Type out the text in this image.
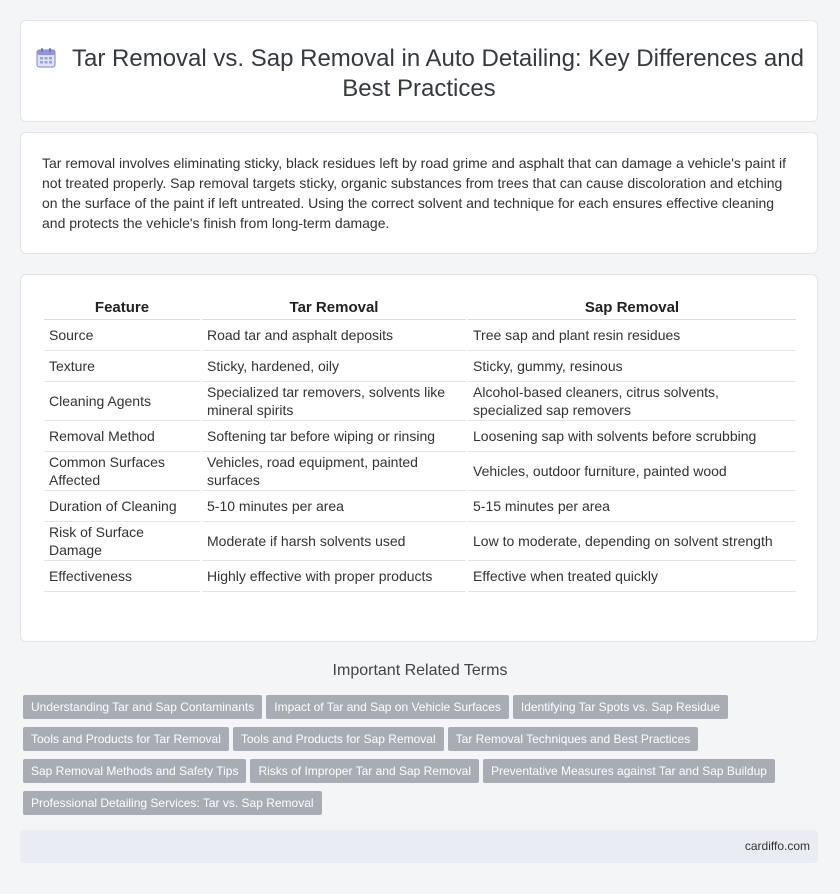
Tar Removal vs. Sap Removal in Auto Detailing: Key Differences and Best Practices
Tar removal involves eliminating sticky, black residues left by road grime and asphalt that can damage a vehicle's paint if not treated properly. Sap removal targets sticky, organic substances from trees that can cause discoloration and etching on the surface of the paint if left untreated. Using the correct solvent and technique for each ensures effective cleaning and protects the vehicle's finish from long-term damage.
Feature	Tar Removal	Sap Removal
Source	Road tar and asphalt deposits	Tree sap and plant resin residues
Texture	Sticky, hardened, oily	Sticky, gummy, resinous
Cleaning Agents	Specialized tar removers, solvents like mineral spirits	Alcohol-based cleaners, citrus solvents, specialized sap removers
Removal Method	Softening tar before wiping or rinsing	Loosening sap with solvents before scrubbing
Common Surfaces Affected	Vehicles, road equipment, painted surfaces	Vehicles, outdoor furniture, painted wood
Duration of Cleaning	5-10 minutes per area	5-15 minutes per area
Risk of Surface Damage	Moderate if harsh solvents used	Low to moderate, depending on solvent strength
Effectiveness	Highly effective with proper products	Effective when treated quickly
Important Related Terms
Understanding Tar and Sap Contaminants Impact of Tar and Sap on Vehicle Surfaces Identifying Tar Spots vs. Sap Residue
Tools and Products for Tar Removal Tools and Products for Sap Removal Tar Removal Techniques and Best Practices
Sap Removal Methods and Safety Tips Risks of Improper Tar and Sap Removal Preventative Measures against Tar and Sap Buildup
Professional Detailing Services: Tar vs. Sap Removal
cardiffo.com
